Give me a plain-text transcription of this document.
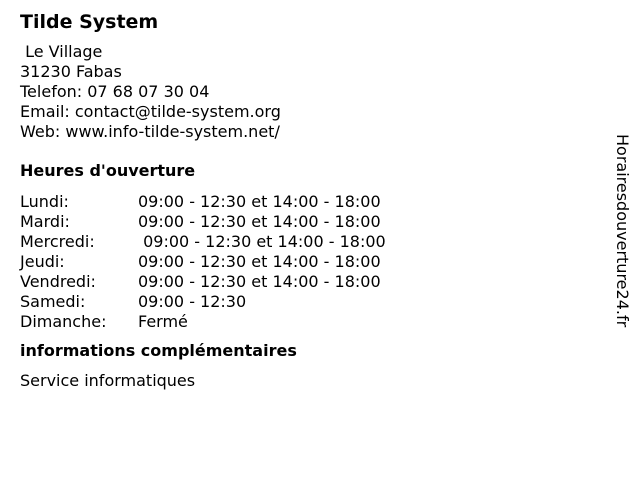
Tilde System
Le Village
31230 Fabas
Telefon: 07 68 07 30 04
Email: contact@tilde-system.org
Web: www.info-tilde-system.net/
Heures d'ouverture
Lundi:	09:00 - 12:30 et 14:00 - 18:00
Mardi:	09:00 - 12:30 et 14:00 - 18:00
Mercredi:	09:00 - 12:30 et 14:00 - 18:00
Jeudi:	09:00 - 12:30 et 14:00 - 18:00
Vendredi:	09:00 - 12:30 et 14:00 - 18:00
Samedi:	09:00 - 12:30
Dimanche:	Fermé
informations complémentaires
Service informatiques
Horairesdouverture24.fr
